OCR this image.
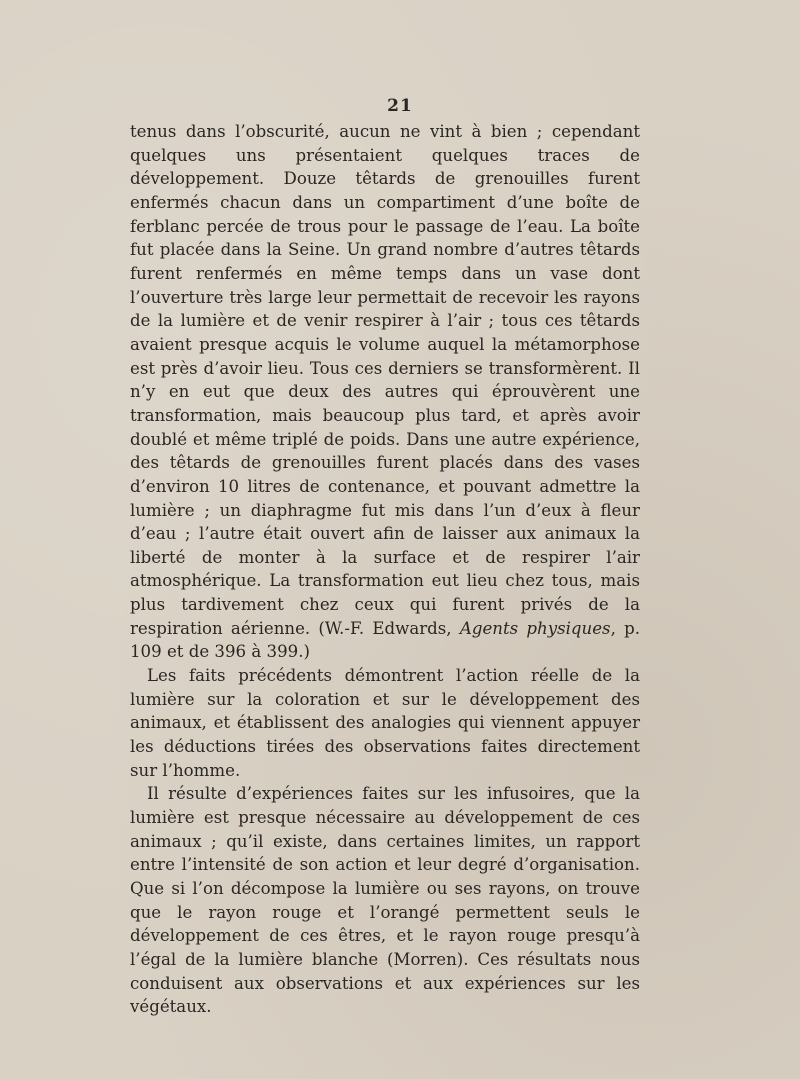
21

tenus dans l’obscurité, aucun ne vint à bien ; cependant quelques uns présentaient quelques traces de développement. Douze têtards de grenouilles furent enfermés chacun dans un compartiment d’une boîte de ferblanc percée de trous pour le passage de l’eau. La boîte fut placée dans la Seine. Un grand nombre d’autres têtards furent renfermés en même temps dans un vase dont l’ouverture très large leur permettait de recevoir les rayons de la lumière et de venir respirer à l’air ; tous ces têtards avaient presque acquis le volume auquel la métamorphose est près d’avoir lieu. Tous ces derniers se transformèrent. Il n’y en eut que deux des autres qui éprouvèrent une transformation, mais beaucoup plus tard, et après avoir doublé et même triplé de poids. Dans une autre expérience, des têtards de grenouilles furent placés dans des vases d’environ 10 litres de contenance, et pouvant admettre la lumière ; un diaphragme fut mis dans l’un d’eux à fleur d’eau ; l’autre était ouvert afin de laisser aux animaux la liberté de monter à la surface et de respirer l’air atmosphérique. La transformation eut lieu chez tous, mais plus tardivement chez ceux qui furent privés de la respiration aérienne. (W.-F. Edwards, Agents physiques, p. 109 et de 396 à 399.)

Les faits précédents démontrent l’action réelle de la lumière sur la coloration et sur le développement des animaux, et établissent des analogies qui viennent appuyer les déductions tirées des observations faites directement sur l’homme.

Il résulte d’expériences faites sur les infusoires, que la lumière est presque nécessaire au développement de ces animaux ; qu’il existe, dans certaines limites, un rapport entre l’intensité de son action et leur degré d’organisation. Que si l’on décompose la lumière ou ses rayons, on trouve que le rayon rouge et l’orangé permettent seuls le développement de ces êtres, et le rayon rouge presqu’à l’égal de la lumière blanche (Morren). Ces résultats nous conduisent aux observations et aux expériences sur les végétaux.
